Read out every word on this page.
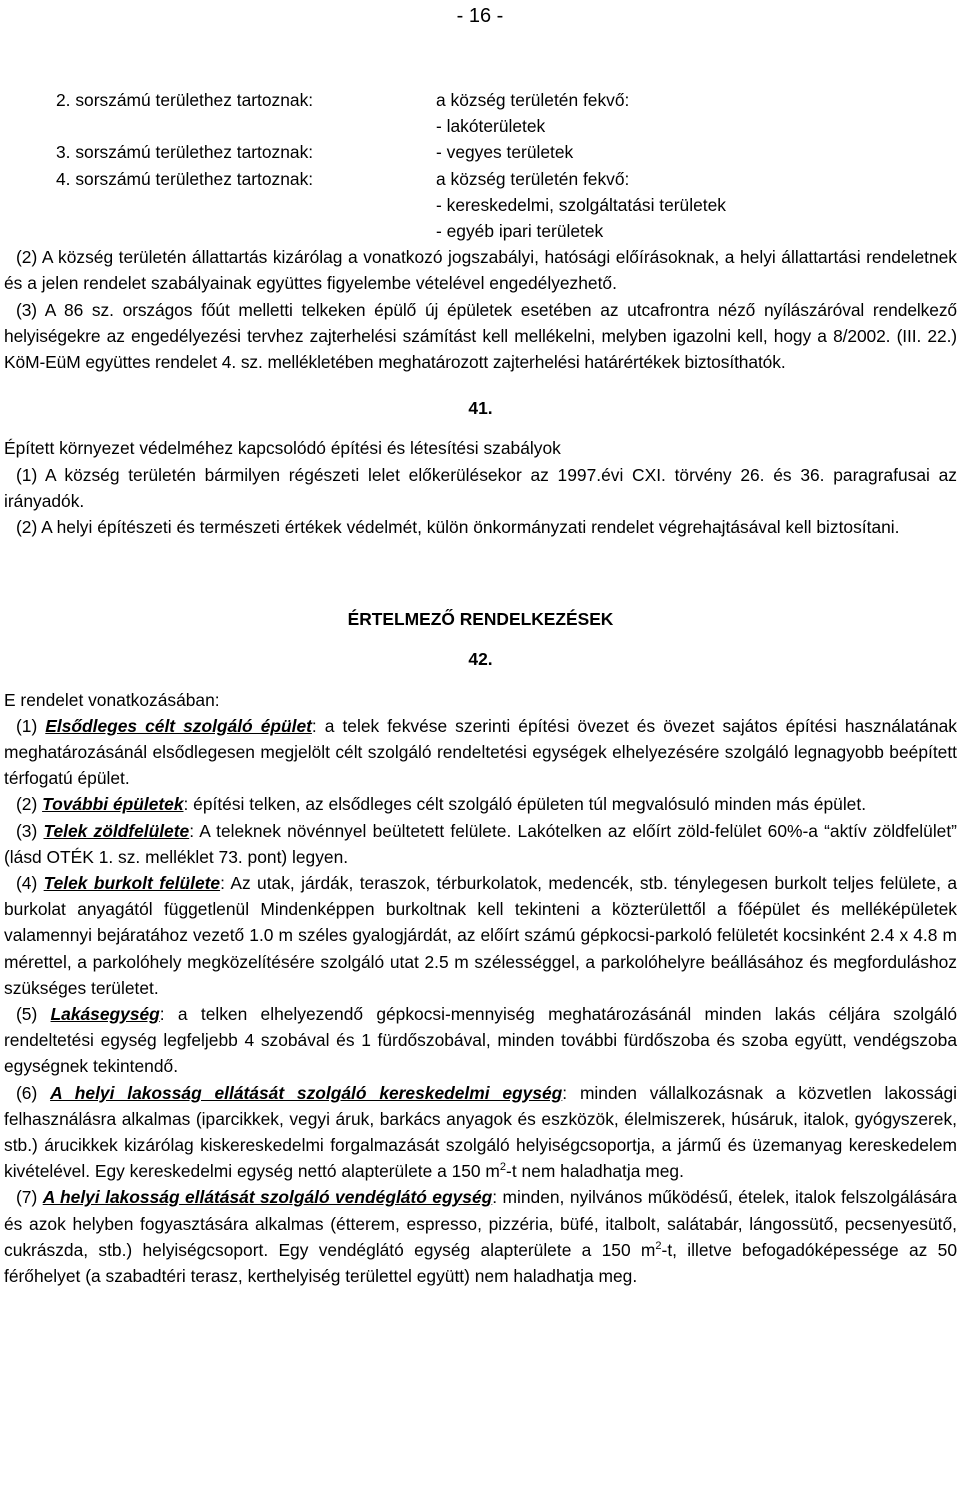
- 16 -
2. sorszámú területhez tartoznak:	a község területén fekvő:
- lakóterületek
3. sorszámú területhez tartoznak:	- vegyes területek
4. sorszámú területhez tartoznak:	a község területén fekvő:
- kereskedelmi, szolgáltatási területek
- egyéb ipari területek

(2) A község területén állattartás kizárólag a vonatkozó jogszabályi, hatósági előírásoknak, a helyi állattartási rendeletnek és a jelen rendelet szabályainak együttes figyelembe vételével engedélyezhető.

(3) A 86 sz. országos főút melletti telkeken épülő új épületek esetében az utcafrontra néző nyílászáróval rendelkező helyiségekre az engedélyezési tervhez zajterhelési számítást kell mellékelni, melyben igazolni kell, hogy a 8/2002. (III. 22.) KöM-EüM együttes rendelet 4. sz. mellékletében meghatározott zajterhelési határértékek biztosíthatók.

41.

Épített környezet védelméhez kapcsolódó építési és létesítési szabályok

(1) A község területén bármilyen régészeti lelet előkerülésekor az 1997.évi CXI. törvény 26. és 36. paragrafusai az irányadók.

(2) A helyi építészeti és természeti értékek védelmét, külön önkormányzati rendelet végrehajtásával kell biztosítani.

ÉRTELMEZŐ RENDELKEZÉSEK

42.

E rendelet vonatkozásában:

(1) Elsődleges célt szolgáló épület: a telek fekvése szerinti építési övezet és övezet sajátos építési használatának meghatározásánál elsődlegesen megjelölt célt szolgáló rendeltetési egységek elhelyezésére szolgáló legnagyobb beépített térfogatú épület.

(2) További épületek: építési telken, az elsődleges célt szolgáló épületen túl megvalósuló minden más épület.

(3) Telek zöldfelülete: A teleknek növénnyel beültetett felülete. Lakótelken az előírt zöld-felület 60%-a “aktív zöldfelület” (lásd OTÉK 1. sz. melléklet 73. pont) legyen.

(4) Telek burkolt felülete: Az utak, járdák, teraszok, térburkolatok, medencék, stb. ténylegesen burkolt teljes felülete, a burkolat anyagától függetlenül Mindenképpen burkoltnak kell tekinteni a közterülettől a főépület és melléképületek valamennyi bejáratához vezető 1.0 m széles gyalogjárdát, az előírt számú gépkocsi-parkoló felületét kocsinként 2.4 x 4.8 m mérettel, a parkolóhely megközelítésére szolgáló utat 2.5 m szélességgel, a parkolóhelyre beállásához és megforduláshoz szükséges területet.

(5) Lakásegység: a telken elhelyezendő gépkocsi-mennyiség meghatározásánál minden lakás céljára szolgáló rendeltetési egység legfeljebb 4 szobával és 1 fürdőszobával, minden további fürdőszoba és szoba együtt, vendégszoba egységnek tekintendő.

(6) A helyi lakosság ellátását szolgáló kereskedelmi egység: minden vállalkozásnak a közvetlen lakossági felhasználásra alkalmas (iparcikkek, vegyi áruk, barkács anyagok és eszközök, élelmiszerek, húsáruk, italok, gyógyszerek, stb.) árucikkek kizárólag kiskereskedelmi forgalmazását szolgáló helyiségcsoportja, a jármű és üzemanyag kereskedelem kivételével. Egy kereskedelmi egység nettó alapterülete a 150 $m^2-t$ nem haladhatja meg.

(7) A helyi lakosság ellátását szolgáló vendéglátó egység: minden, nyilvános működésű, ételek, italok felszolgálására és azok helyben fogyasztására alkalmas (étterem, espresso, pizzéria, büfé, italbolt, salátabár, lángossütő, pecsenyesütő, cukrászda, stb.) helyiségcsoport. Egy vendéglátó egység alapterülete a 150 $m^2-t$, illetve befogadóképessége az 50 férőhelyet (a szabadtéri terasz, kerthelyiség területtel együtt) nem haladhatja meg.
